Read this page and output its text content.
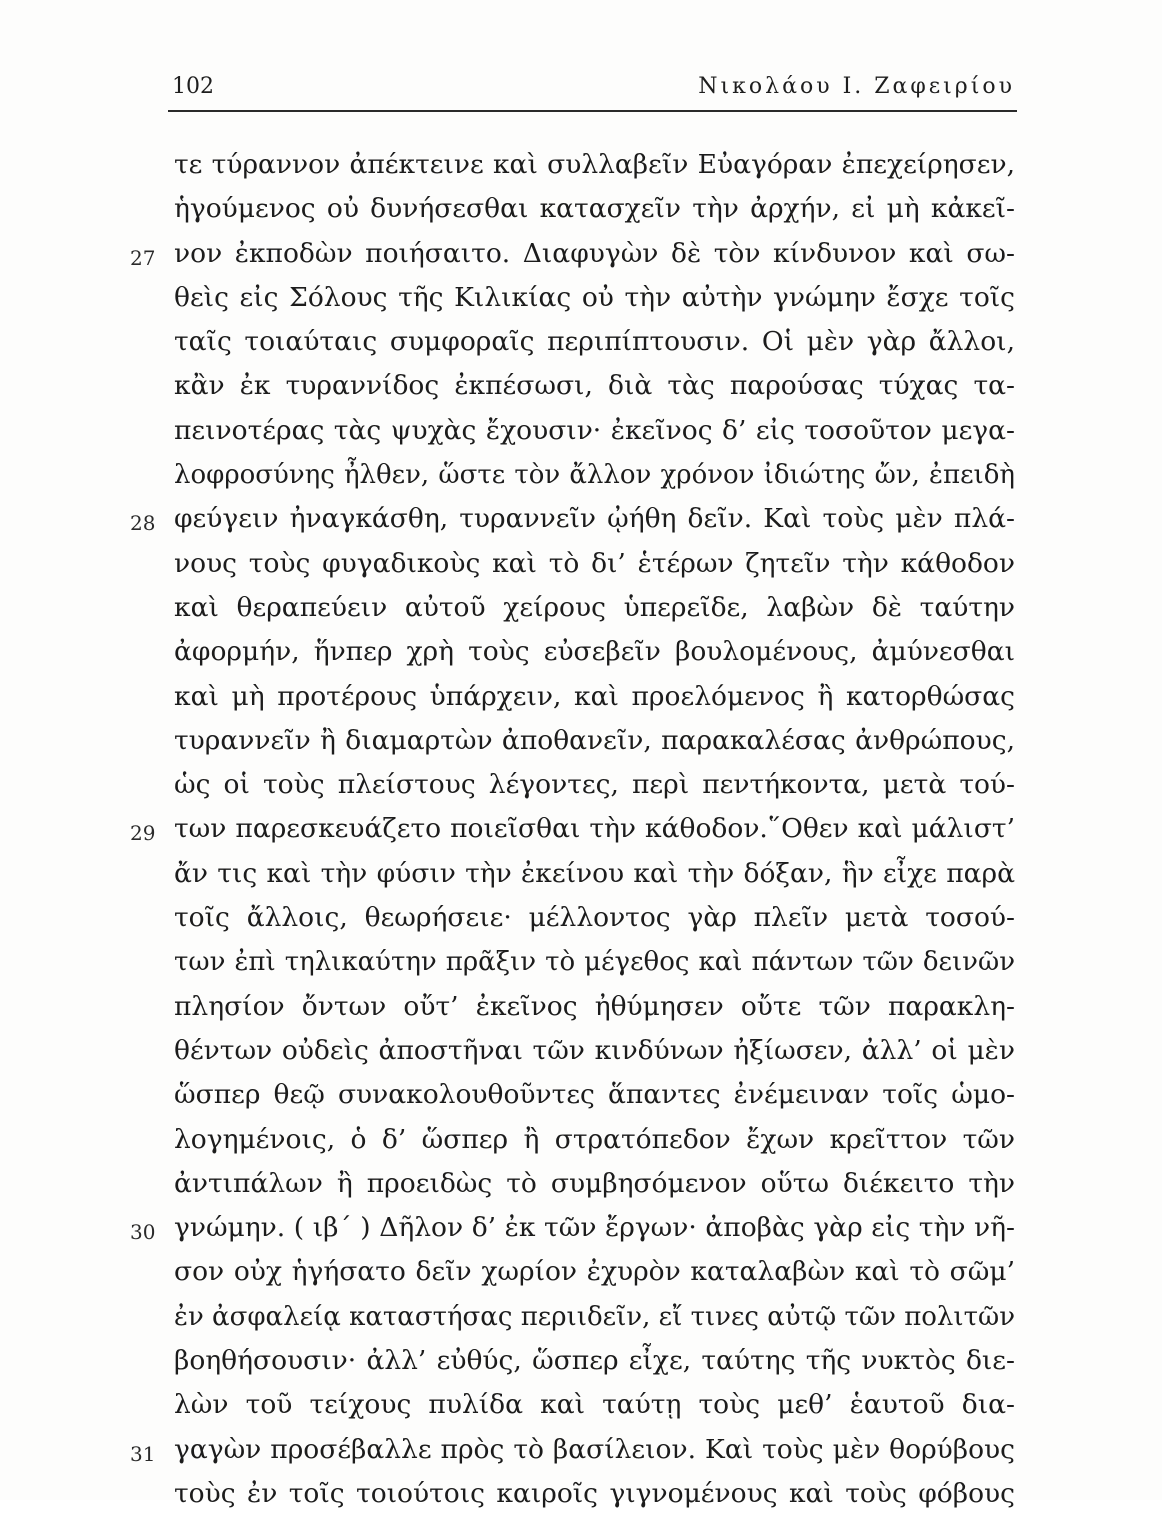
102	Νικολάου Ι. Ζαφειρίου
τε τύραννον ἀπέκτεινε καὶ συλλαβεῖν Εὐαγόραν ἐπεχείρησεν,
ἡγούμενος οὐ δυνήσεσθαι κατασχεῖν τὴν ἀρχήν, εἰ μὴ κἀκεῖ-
27 νον ἐκποδὼν ποιήσαιτο. Διαφυγὼν δὲ τὸν κίνδυνον καὶ σω-
θεὶς εἰς Σόλους τῆς Κιλικίας οὐ τὴν αὐτὴν γνώμην ἔσχε τοῖς
ταῖς τοιαύταις συμφοραῖς περιπίπτουσιν. Οἱ μὲν γὰρ ἄλλοι,
κἂν ἐκ τυραννίδος ἐκπέσωσι, διὰ τὰς παρούσας τύχας τα-
πεινοτέρας τὰς ψυχὰς ἔχουσιν· ἐκεῖνος δ’ εἰς τοσοῦτον μεγα-
λοφροσύνης ἦλθεν, ὥστε τὸν ἄλλον χρόνον ἰδιώτης ὤν, ἐπειδὴ
28 φεύγειν ἠναγκάσθη, τυραννεῖν ᾠήθη δεῖν. Καὶ τοὺς μὲν πλά-
νους τοὺς φυγαδικοὺς καὶ τὸ δι’ ἑτέρων ζητεῖν τὴν κάθοδον
καὶ θεραπεύειν αὐτοῦ χείρους ὑπερεῖδε, λαβὼν δὲ ταύτην
ἀφορμήν, ἥνπερ χρὴ τοὺς εὐσεβεῖν βουλομένους, ἀμύνεσθαι
καὶ μὴ προτέρους ὑπάρχειν, καὶ προελόμενος ἢ κατορθώσας
τυραννεῖν ἢ διαμαρτὼν ἀποθανεῖν, παρακαλέσας ἀνθρώπους,
ὡς οἱ τοὺς πλείστους λέγοντες, περὶ πεντήκοντα, μετὰ τού-
29 των παρεσκευάζετο ποιεῖσθαι τὴν κάθοδον.῞Οθεν καὶ μάλιστ’
ἄν τις καὶ τὴν φύσιν τὴν ἐκείνου καὶ τὴν δόξαν, ἣν εἶχε παρὰ
τοῖς ἄλλοις, θεωρήσειε· μέλλοντος γὰρ πλεῖν μετὰ τοσού-
των ἐπὶ τηλικαύτην πρᾶξιν τὸ μέγεθος καὶ πάντων τῶν δεινῶν
πλησίον ὄντων οὔτ’ ἐκεῖνος ἠθύμησεν οὔτε τῶν παρακλη-
θέντων οὐδεὶς ἀποστῆναι τῶν κινδύνων ἠξίωσεν, ἀλλ’ οἱ μὲν
ὥσπερ θεῷ συνακολουθοῦντες ἅπαντες ἐνέμειναν τοῖς ὡμο-
λογημένοις, ὁ δ’ ὥσπερ ἢ στρατόπεδον ἔχων κρεῖττον τῶν
ἀντιπάλων ἢ προειδὼς τὸ συμβησόμενον οὕτω διέκειτο τὴν
30 γνώμην. ( ιβ΄ ) Δῆλον δ’ ἐκ τῶν ἔργων· ἀποβὰς γὰρ εἰς τὴν νῆ-
σον οὐχ ἡγήσατο δεῖν χωρίον ἐχυρὸν καταλαβὼν καὶ τὸ σῶμ’
ἐν ἀσφαλείᾳ καταστήσας περιιδεῖν, εἴ τινες αὐτῷ τῶν πολιτῶν
βοηθήσουσιν· ἀλλ’ εὐθύς, ὥσπερ εἶχε, ταύτης τῆς νυκτὸς διε-
λὼν τοῦ τείχους πυλίδα καὶ ταύτῃ τοὺς μεθ’ ἑαυτοῦ δια-
31 γαγὼν προσέβαλλε πρὸς τὸ βασίλειον. Καὶ τοὺς μὲν θορύβους
τοὺς ἐν τοῖς τοιούτοις καιροῖς γιγνομένους καὶ τοὺς φόβους
